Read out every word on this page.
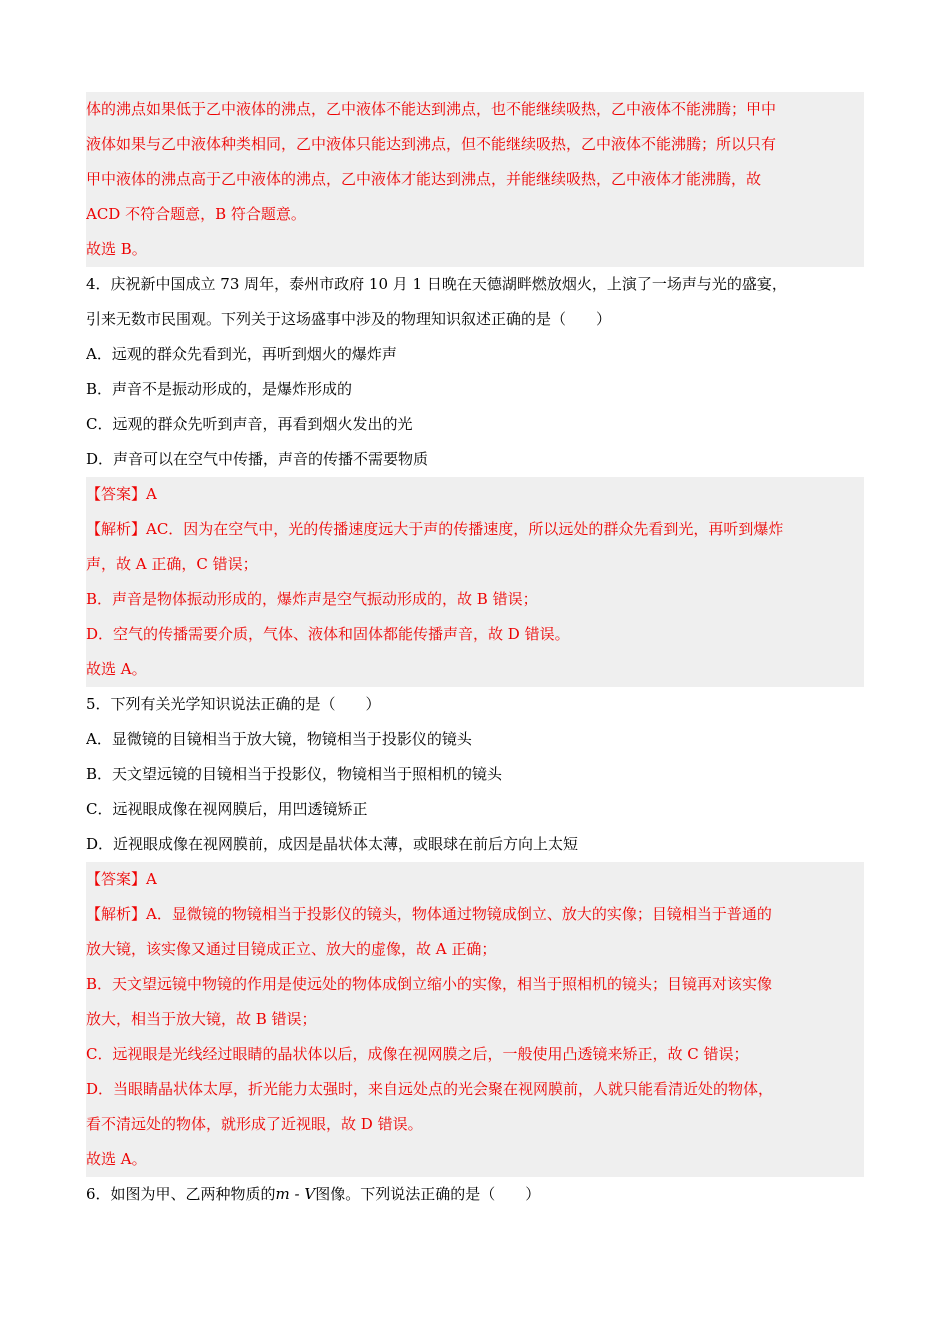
体的沸点如果低于乙中液体的沸点，乙中液体不能达到沸点，也不能继续吸热，乙中液体不能沸腾；甲中
液体如果与乙中液体种类相同，乙中液体只能达到沸点，但不能继续吸热，乙中液体不能沸腾；所以只有
甲中液体的沸点高于乙中液体的沸点，乙中液体才能达到沸点，并能继续吸热，乙中液体才能沸腾，故
ACD 不符合题意，B 符合题意。
故选 B。
4．庆祝新中国成立 73 周年，泰州市政府 10 月 1 日晚在天德湖畔燃放烟火，上演了一场声与光的盛宴，
引来无数市民围观。下列关于这场盛事中涉及的物理知识叙述正确的是（　　）
A．远观的群众先看到光，再听到烟火的爆炸声
B．声音不是振动形成的，是爆炸形成的
C．远观的群众先听到声音，再看到烟火发出的光
D．声音可以在空气中传播，声音的传播不需要物质
【答案】A
【解析】AC．因为在空气中，光的传播速度远大于声的传播速度，所以远处的群众先看到光，再听到爆炸
声，故 A 正确，C 错误；
B．声音是物体振动形成的，爆炸声是空气振动形成的，故 B 错误；
D．空气的传播需要介质，气体、液体和固体都能传播声音，故 D 错误。
故选 A。
5．下列有关光学知识说法正确的是（　　）
A．显微镜的目镜相当于放大镜，物镜相当于投影仪的镜头
B．天文望远镜的目镜相当于投影仪，物镜相当于照相机的镜头
C．远视眼成像在视网膜后，用凹透镜矫正
D．近视眼成像在视网膜前，成因是晶状体太薄，或眼球在前后方向上太短
【答案】A
【解析】A．显微镜的物镜相当于投影仪的镜头，物体通过物镜成倒立、放大的实像；目镜相当于普通的
放大镜，该实像又通过目镜成正立、放大的虚像，故 A 正确；
B．天文望远镜中物镜的作用是使远处的物体成倒立缩小的实像，相当于照相机的镜头；目镜再对该实像
放大，相当于放大镜，故 B 错误；
C．远视眼是光线经过眼睛的晶状体以后，成像在视网膜之后，一般使用凸透镜来矫正，故 C 错误；
D．当眼睛晶状体太厚，折光能力太强时，来自远处点的光会聚在视网膜前，人就只能看清近处的物体，
看不清远处的物体，就形成了近视眼，故 D 错误。
故选 A。
6．如图为甲、乙两种物质的m - V图像。下列说法正确的是（　　）
